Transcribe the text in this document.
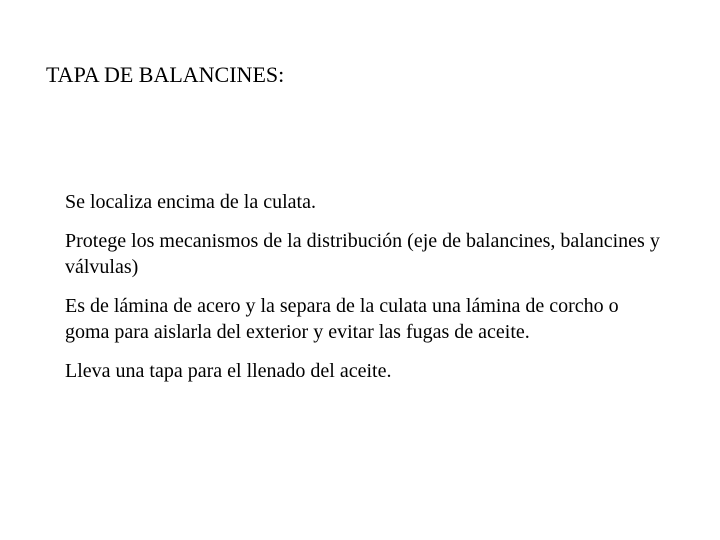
TAPA DE BALANCINES:
Se localiza encima de la culata.
Protege los mecanismos de la distribución (eje de balancines, balancines y válvulas)
Es de lámina de acero y la separa de la culata una lámina de corcho o goma para aislarla del exterior y evitar las fugas de aceite.
Lleva una tapa para el llenado del aceite.
